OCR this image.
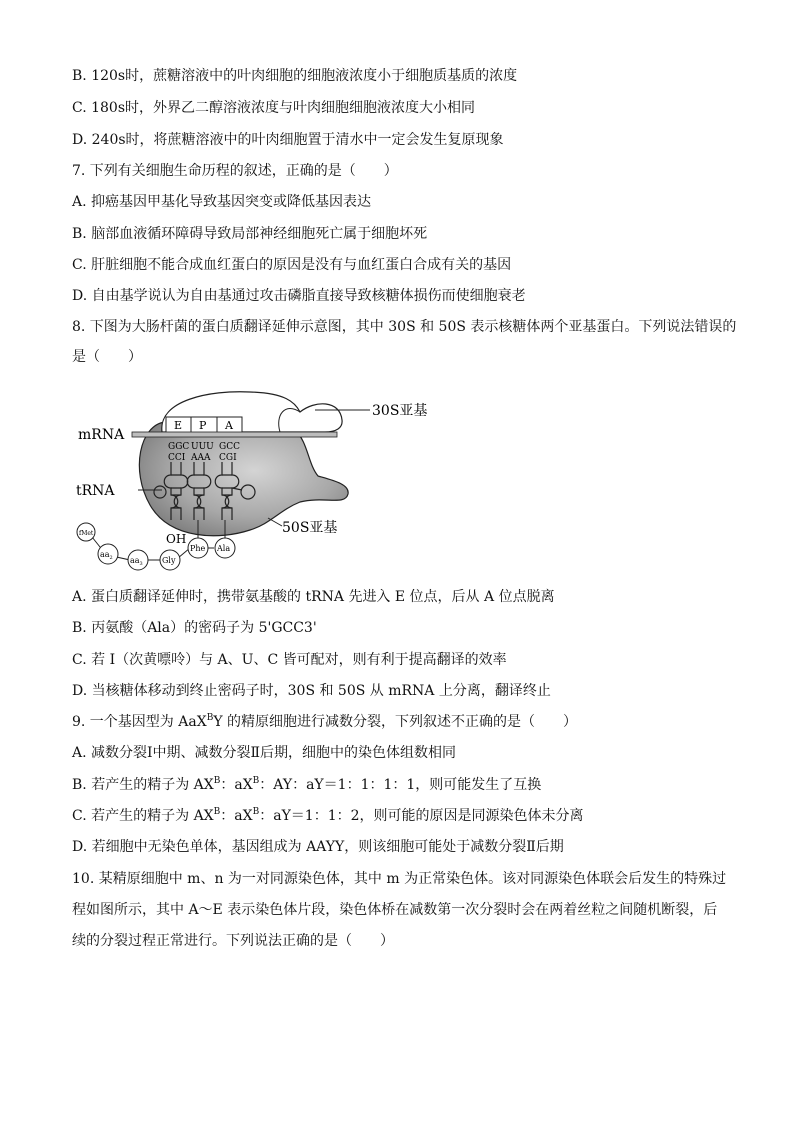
B. 120s时，蔗糖溶液中的叶肉细胞的细胞液浓度小于细胞质基质的浓度
C. 180s时，外界乙二醇溶液浓度与叶肉细胞细胞液浓度大小相同
D. 240s时，将蔗糖溶液中的叶肉细胞置于清水中一定会发生复原现象
7. 下列有关细胞生命历程的叙述，正确的是（　　）
A. 抑癌基因甲基化导致基因突变或降低基因表达
B. 脑部血液循环障碍导致局部神经细胞死亡属于细胞坏死
C. 肝脏细胞不能合成血红蛋白的原因是没有与血红蛋白合成有关的基因
D. 自由基学说认为自由基通过攻击磷脂直接导致核糖体损伤而使细胞衰老
8. 下图为大肠杆菌的蛋白质翻译延伸示意图，其中 30S 和 50S 表示核糖体两个亚基蛋白。下列说法错误的
是（　　）
30S亚基
E P A
mRNA
GGC UUU GCC
CCI AAA CGI
tRNA
50S亚基
OH
fMet
$aa_2$ $aa_3$ Gly
Phe Ala
A. 蛋白质翻译延伸时，携带氨基酸的 tRNA 先进入 E 位点，后从 A 位点脱离
B. 丙氨酸（Ala）的密码子为 5'GCC3'
C. 若 I（次黄嘌呤）与 A、U、C 皆可配对，则有利于提高翻译的效率
D. 当核糖体移动到终止密码子时，30S 和 50S 从 mRNA 上分离，翻译终止
9. 一个基因型为 AaX$^B$Y 的精原细胞进行减数分裂，下列叙述不正确的是（　　）
A. 减数分裂Ⅰ中期、减数分裂Ⅱ后期，细胞中的染色体组数相同
B. 若产生的精子为 $AX^B$：$aX^B$：AY：aY＝1：1：1：1，则可能发生了互换
C. 若产生的精子为 $AX^B$：$aX^B$：aY＝1：1：2，则可能的原因是同源染色体未分离
D. 若细胞中无染色单体，基因组成为 AAYY，则该细胞可能处于减数分裂Ⅱ后期
10. 某精原细胞中 m、n 为一对同源染色体，其中 m 为正常染色体。该对同源染色体联会后发生的特殊过
程如图所示，其中 A～E 表示染色体片段，染色体桥在减数第一次分裂时会在两着丝粒之间随机断裂，后
续的分裂过程正常进行。下列说法正确的是（　　）
